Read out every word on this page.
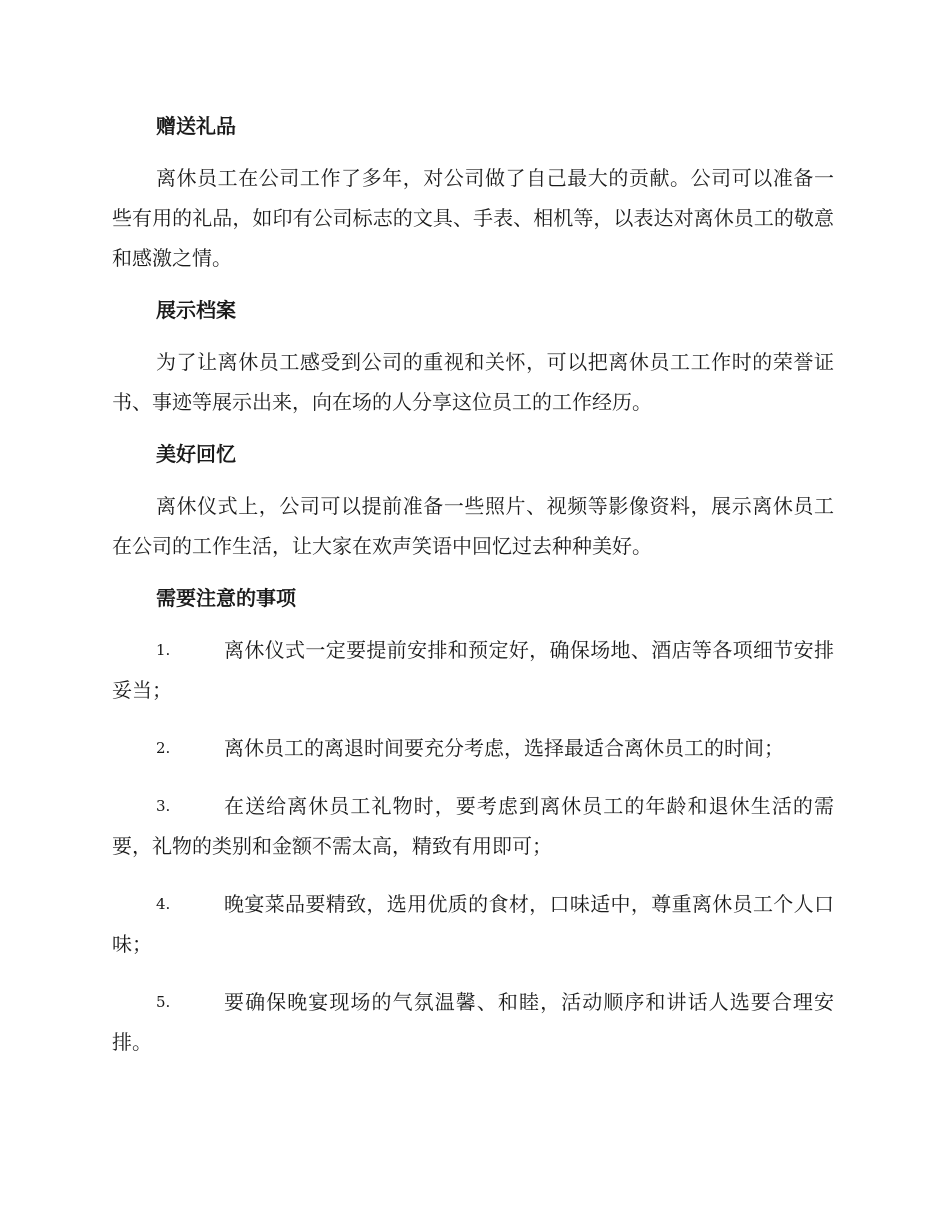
赠送礼品

离休员工在公司工作了多年，对公司做了自己最大的贡献。公司可以准备一些有用的礼品，如印有公司标志的文具、手表、相机等，以表达对离休员工的敬意和感激之情。

展示档案

为了让离休员工感受到公司的重视和关怀，可以把离休员工工作时的荣誉证书、事迹等展示出来，向在场的人分享这位员工的工作经历。

美好回忆

离休仪式上，公司可以提前准备一些照片、视频等影像资料，展示离休员工在公司的工作生活，让大家在欢声笑语中回忆过去种种美好。

需要注意的事项

1.	离休仪式一定要提前安排和预定好，确保场地、酒店等各项细节安排妥当；

2.	离休员工的离退时间要充分考虑，选择最适合离休员工的时间；

3.	在送给离休员工礼物时，要考虑到离休员工的年龄和退休生活的需要，礼物的类别和金额不需太高，精致有用即可；

4.	晚宴菜品要精致，选用优质的食材，口味适中，尊重离休员工个人口味；

5.	要确保晚宴现场的气氛温馨、和睦，活动顺序和讲话人选要合理安排。
